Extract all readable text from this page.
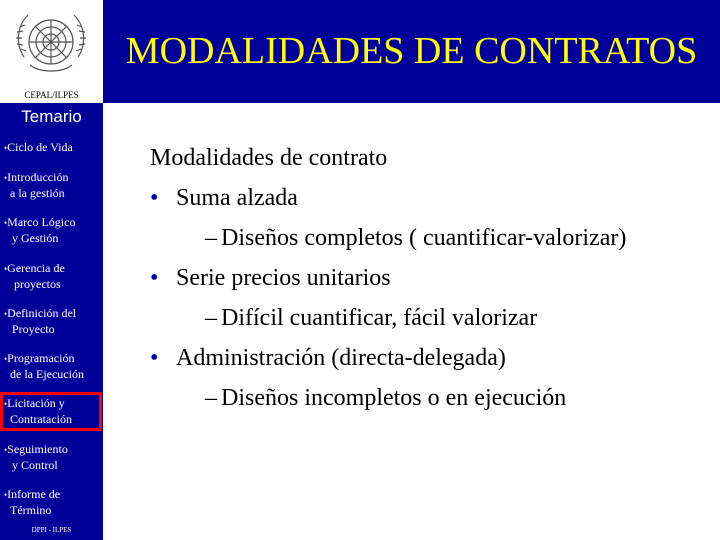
CEPAL/ILPES
MODALIDADES DE CONTRATOS
Temario
•Ciclo de Vida
•Introducción
a la gestión
•Marco Lógico
y Gestión
•Gerencia de
proyectos
•Definición del
Proyecto
•Programación
de la Ejecución
•Licitación y
Contratación
•Seguimiento
y Control
•Informe de
Término
DPPI - ILPES
Modalidades de contrato
• Suma alzada
– Diseños completos ( cuantificar-valorizar)
• Serie precios unitarios
– Difícil cuantificar, fácil valorizar
• Administración (directa-delegada)
– Diseños incompletos o en ejecución
